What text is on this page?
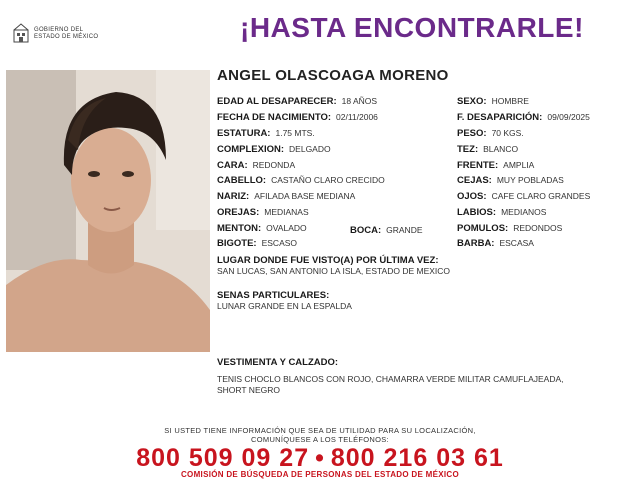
GOBIERNO DEL
ESTADO DE MÉXICO	¡HASTA ENCONTRARLE!
ANGEL OLASCOAGA MORENO
EDAD AL DESAPARECER: 18 AÑOS
FECHA DE NACIMIENTO: 02/11/2006
ESTATURA: 1.75 MTS.
COMPLEXION: DELGADO
CARA: REDONDA
CABELLO: CASTAÑO CLARO CRECIDO
NARIZ: AFILADA BASE MEDIANA
OREJAS: MEDIANAS
MENTON: OVALADO	BOCA: GRANDE
BIGOTE: ESCASO
SEXO: HOMBRE
F. DESAPARICIÓN: 09/09/2025
PESO: 70 KGS.
TEZ: BLANCO
FRENTE: AMPLIA
CEJAS: MUY POBLADAS
OJOS: CAFE CLARO GRANDES
LABIOS: MEDIANOS
POMULOS: REDONDOS
BARBA: ESCASA
LUGAR DONDE FUE VISTO(A) POR ÚLTIMA VEZ:
SAN LUCAS, SAN ANTONIO LA ISLA, ESTADO DE MEXICO
SENAS PARTICULARES:
LUNAR GRANDE EN LA ESPALDA
VESTIMENTA Y CALZADO:
TENIS CHOCLO BLANCOS CON ROJO, CHAMARRA VERDE MILITAR CAMUFLAJEADA,
SHORT NEGRO
SI USTED TIENE INFORMACIÓN QUE SEA DE UTILIDAD PARA SU LOCALIZACIÓN,
COMUNÍQUESE A LOS TELÉFONOS:
800 509 09 27 • 800 216 03 61
COMISIÓN DE BÚSQUEDA DE PERSONAS DEL ESTADO DE MÉXICO
